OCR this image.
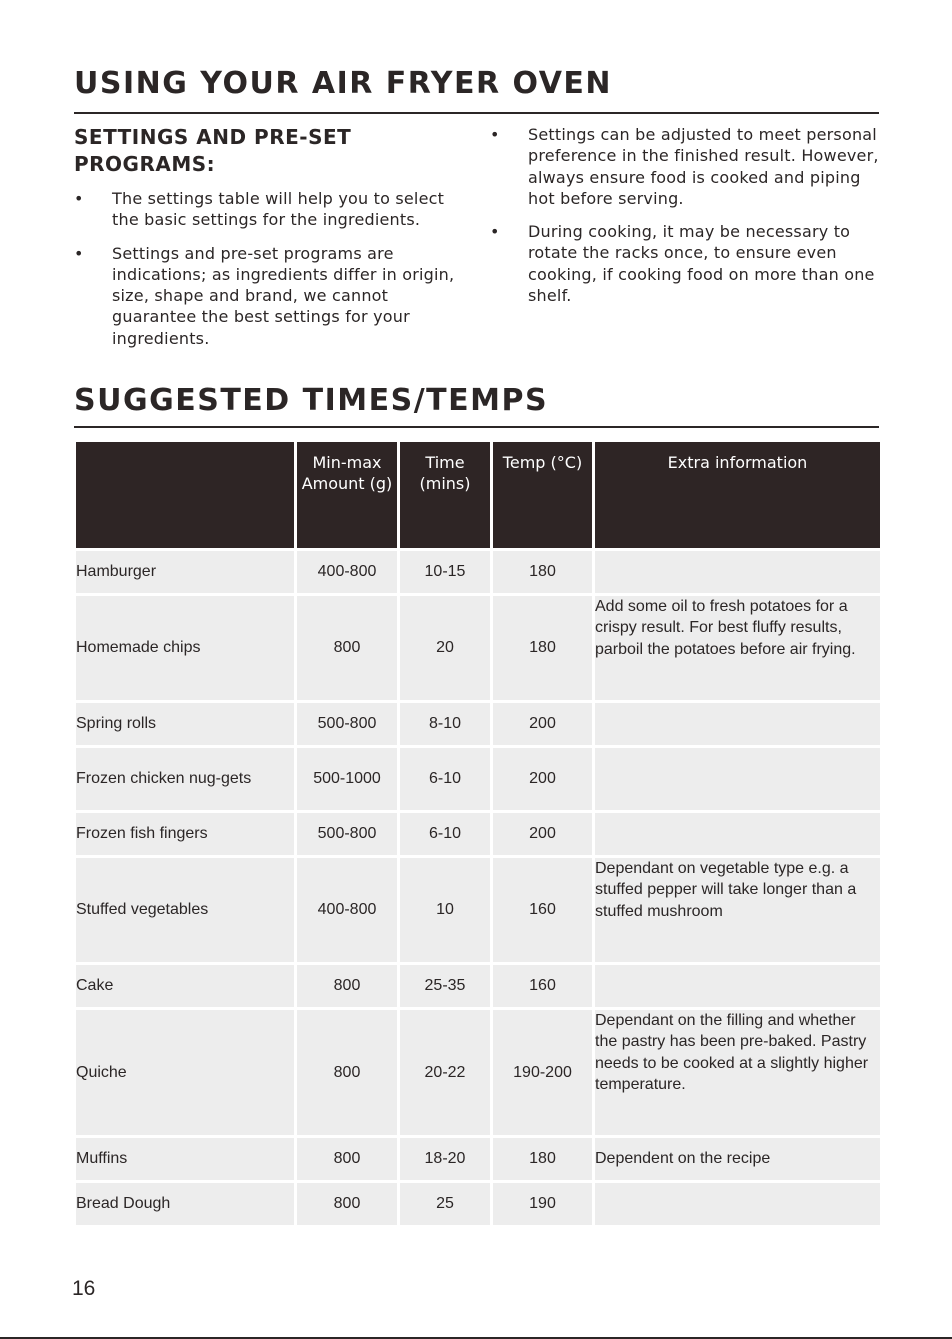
USING YOUR AIR FRYER OVEN
SETTINGS AND PRE-SET PROGRAMS:
• The settings table will help you to select the basic settings for the ingredients.
• Settings and pre-set programs are indications; as ingredients differ in origin, size, shape and brand, we cannot guarantee the best settings for your ingredients.
• Settings can be adjusted to meet personal preference in the finished result. However, always ensure food is cooked and piping hot before serving.
• During cooking, it may be necessary to rotate the racks once, to ensure even cooking, if cooking food on more than one shelf.
SUGGESTED TIMES/TEMPS
	Min-max Amount (g)	Time (mins)	Temp (°C)	Extra information
Hamburger	400-800	10-15	180	
Homemade chips	800	20	180	Add some oil to fresh potatoes for a crispy result. For best fluffy results, parboil the potatoes before air frying.
Spring rolls	500-800	8-10	200	
Frozen chicken nug-gets	500-1000	6-10	200	
Frozen fish fingers	500-800	6-10	200	
Stuffed vegetables	400-800	10	160	Dependant on vegetable type e.g. a stuffed pepper will take longer than a stuffed mushroom
Cake	800	25-35	160	
Quiche	800	20-22	190-200	Dependant on the filling and whether the pastry has been pre-baked. Pastry needs to be cooked at a slightly higher temperature.
Muffins	800	18-20	180	Dependent on the recipe
Bread Dough	800	25	190	
16
